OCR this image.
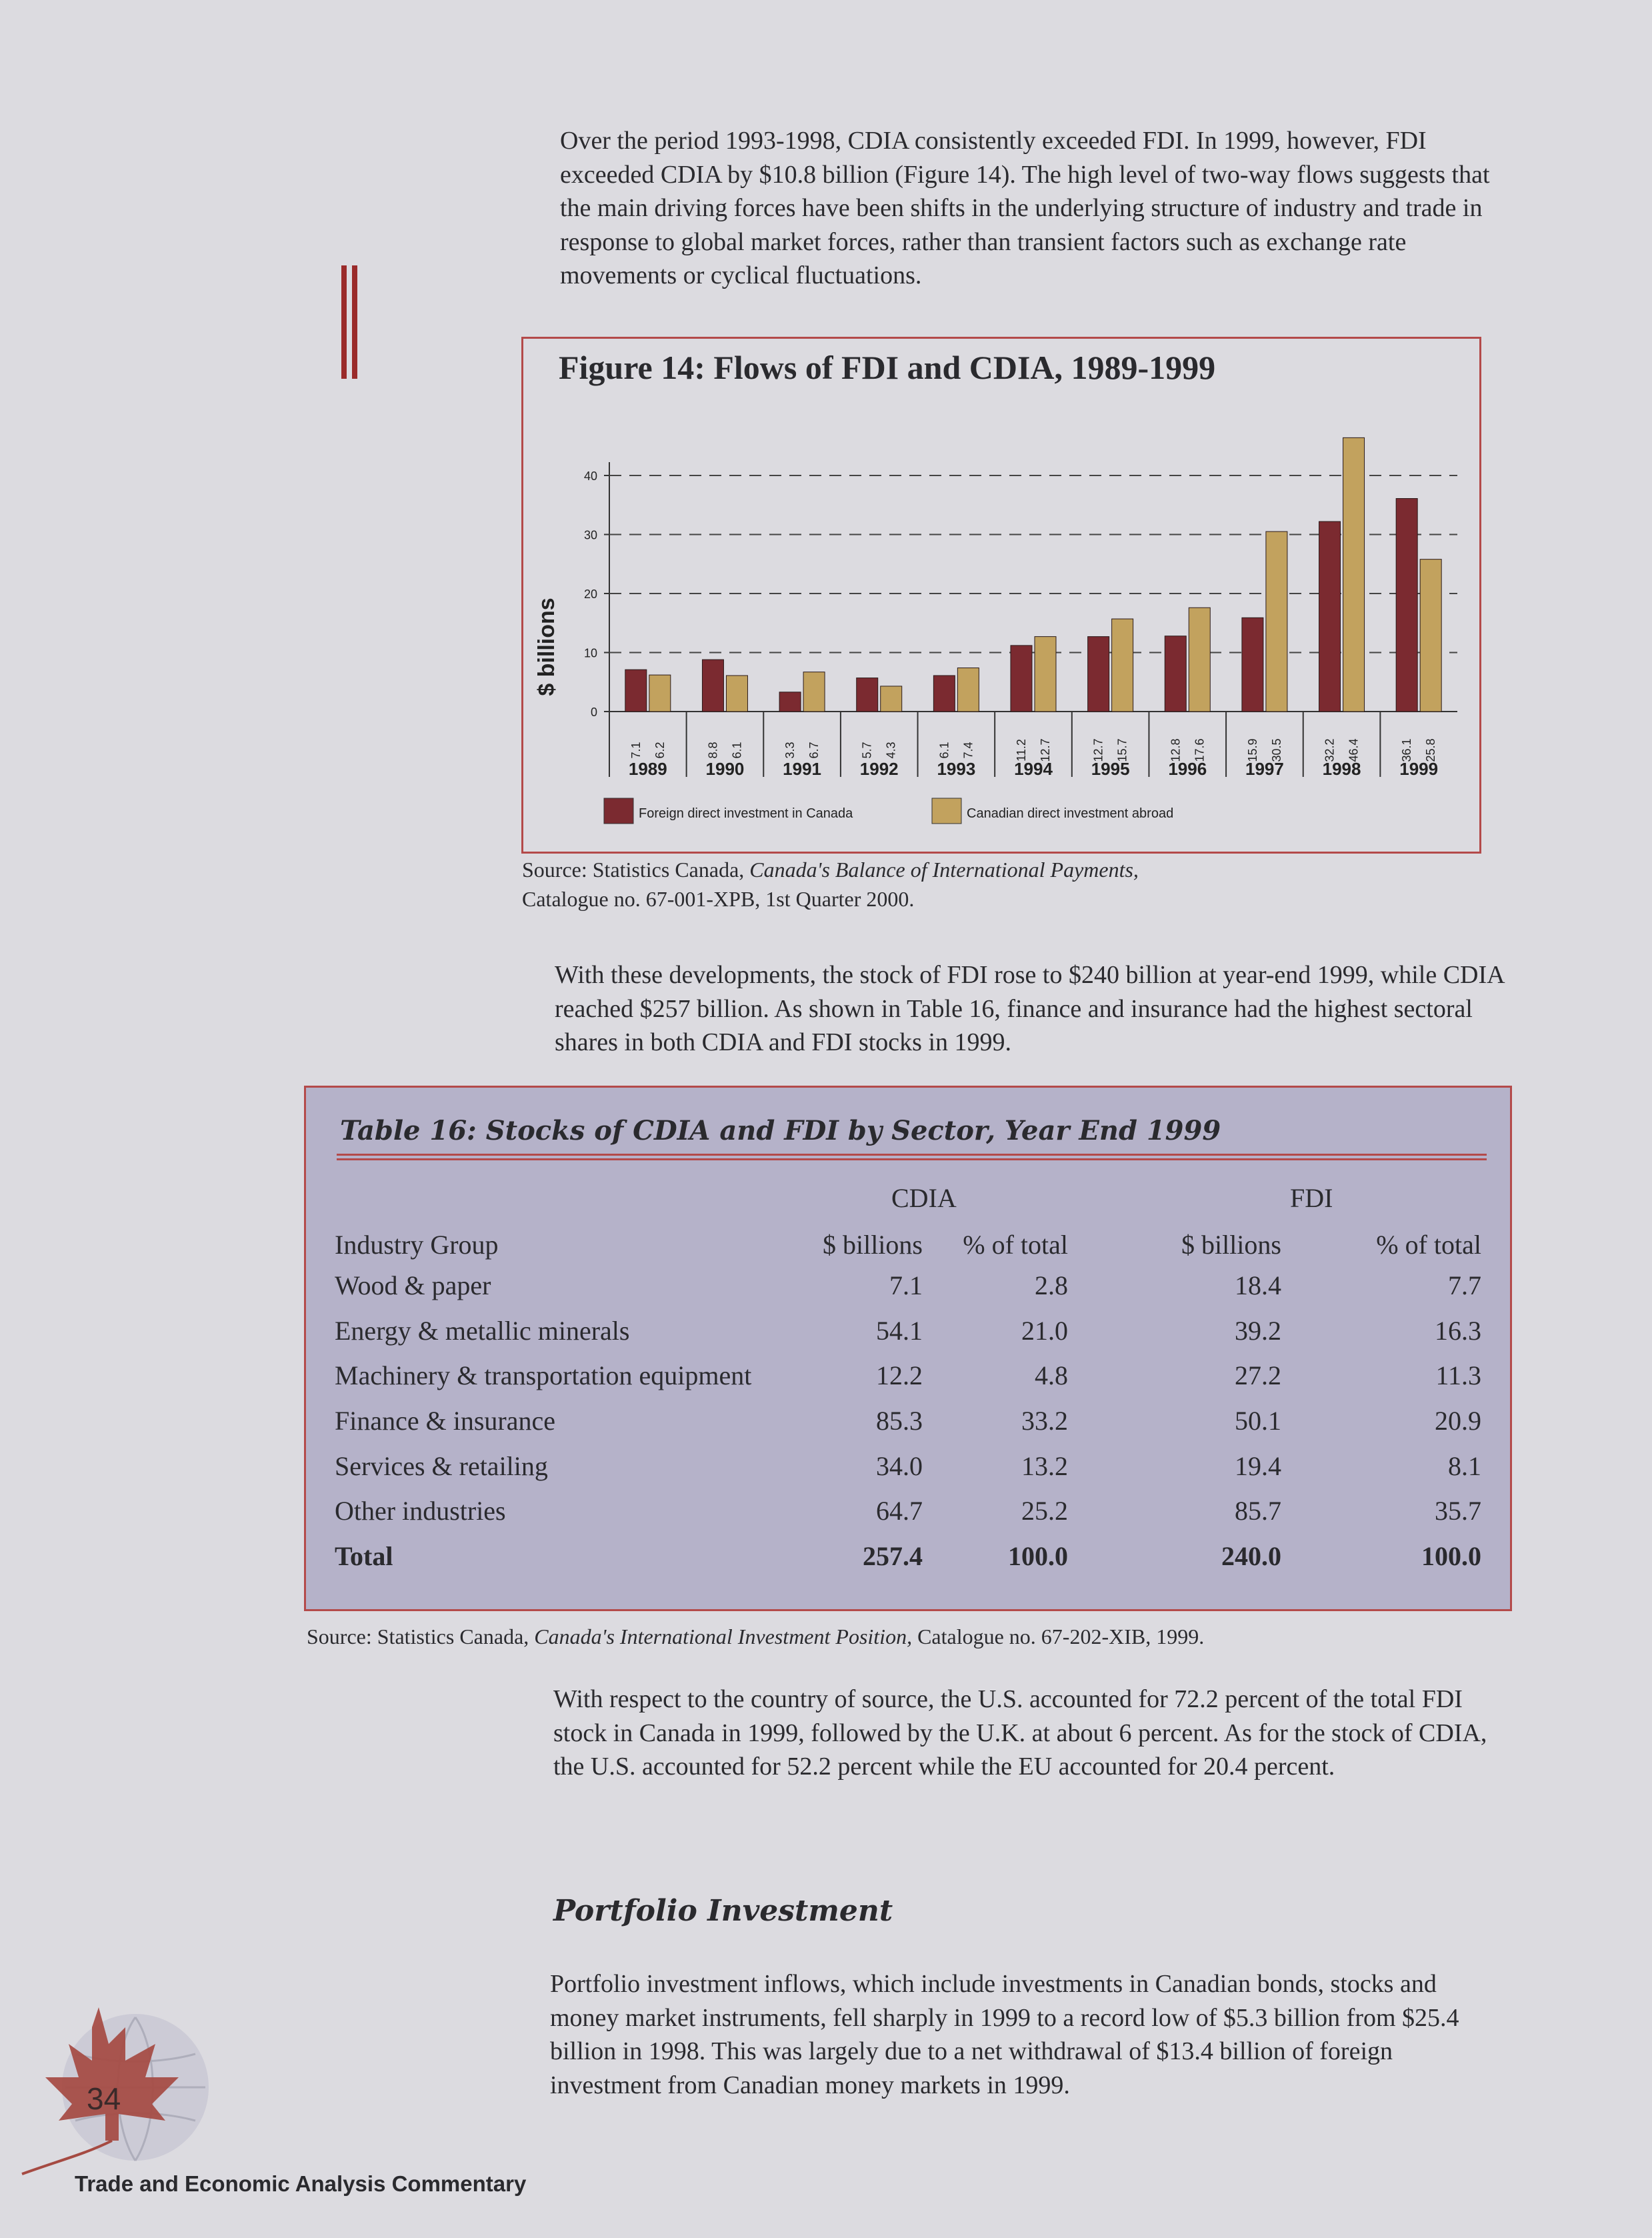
Over the period 1993-1998, CDIA consistently exceeded FDI. In 1999, however, FDI exceeded CDIA by $10.8 billion (Figure 14). The high level of two-way flows suggests that the main driving forces have been shifts in the underlying structure of industry and trade in response to global market forces, rather than transient factors such as exchange rate movements or cyclical fluctuations.

Figure 14: Flows of FDI and CDIA, 1989-1999

0
10
20
30
40
$ billions
7.1 6.2
1989
8.8 6.1
1990
3.3 6.7
1991
5.7 4.3
1992
6.1 7.4
1993
11.2 12.7
1994
12.7 15.7
1995
12.8 17.6
1996
15.9 30.5
1997
32.2 46.4
1998
36.1 25.8
1999
Foreign direct investment in Canada	Canadian direct investment abroad
Source: Statistics Canada, Canada's Balance of International Payments,
Catalogue no. 67-001-XPB, 1st Quarter 2000.

With these developments, the stock of FDI rose to $240 billion at year-end 1999, while CDIA reached $257 billion. As shown in Table 16, finance and insurance had the highest sectoral shares in both CDIA and FDI stocks in 1999.

Table 16: Stocks of CDIA and FDI by Sector, Year End 1999
CDIA	FDI
Industry Group	$ billions	% of total	$ billions	% of total
Wood & paper	7.1	2.8	18.4	7.7
Energy & metallic minerals	54.1	21.0	39.2	16.3
Machinery & transportation equipment	12.2	4.8	27.2	11.3
Finance & insurance	85.3	33.2	50.1	20.9
Services & retailing	34.0	13.2	19.4	8.1
Other industries	64.7	25.2	85.7	35.7
Total	257.4	100.0	240.0	100.0
Source: Statistics Canada, Canada's International Investment Position, Catalogue no. 67-202-XIB, 1999.

With respect to the country of source, the U.S. accounted for 72.2 percent of the total FDI stock in Canada in 1999, followed by the U.K. at about 6 percent. As for the stock of CDIA, the U.S. accounted for 52.2 percent while the EU accounted for 20.4 percent.

Portfolio Investment

Portfolio investment inflows, which include investments in Canadian bonds, stocks and money market instruments, fell sharply in 1999 to a record low of $5.3 billion from $25.4 billion in 1998. This was largely due to a net withdrawal of $13.4 billion of foreign investment from Canadian money markets in 1999.

34
Trade and Economic Analysis Commentary
